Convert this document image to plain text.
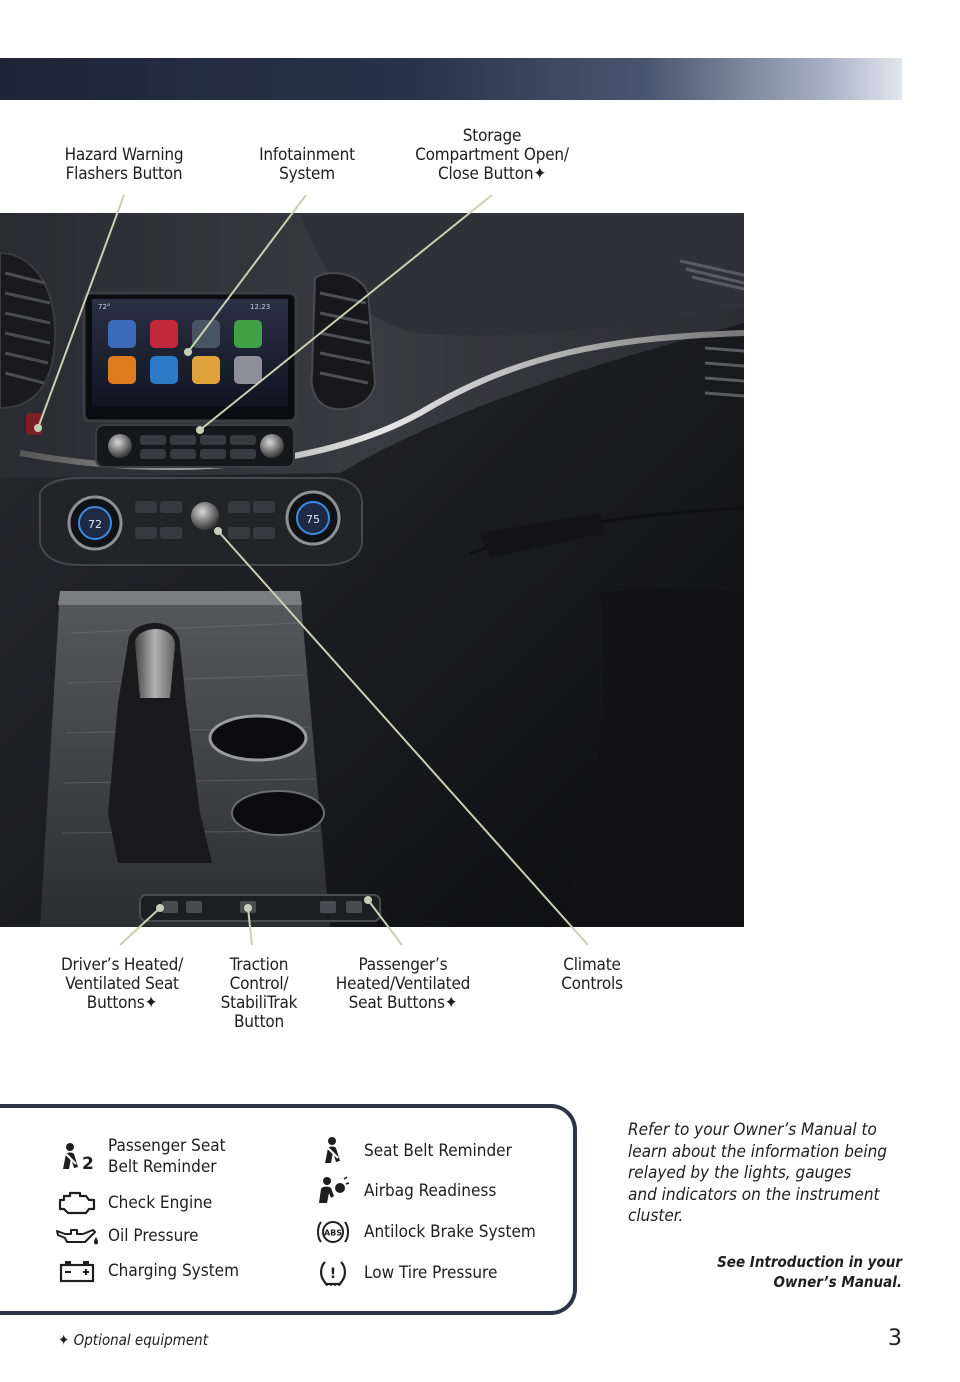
Hazard Warning
Flashers Button
Infotainment
System
Storage
Compartment Open/
Close Button✦
72°	12:23
72	75
Driver’s Heated/
Ventilated Seat
Buttons✦
Traction
Control/
StabiliTrak
Button
Passenger’s
Heated/Ventilated
Seat Buttons✦
Climate
Controls
2
Passenger Seat
Belt Reminder
Check Engine
Oil Pressure
Charging System
Seat Belt Reminder
Airbag Readiness
ABS Antilock Brake System
! Low Tire Pressure
Refer to your Owner’s Manual to
learn about the information being
relayed by the lights, gauges
and indicators on the instrument
cluster.
See Introduction in your
Owner’s Manual.
✦ Optional equipment	3
